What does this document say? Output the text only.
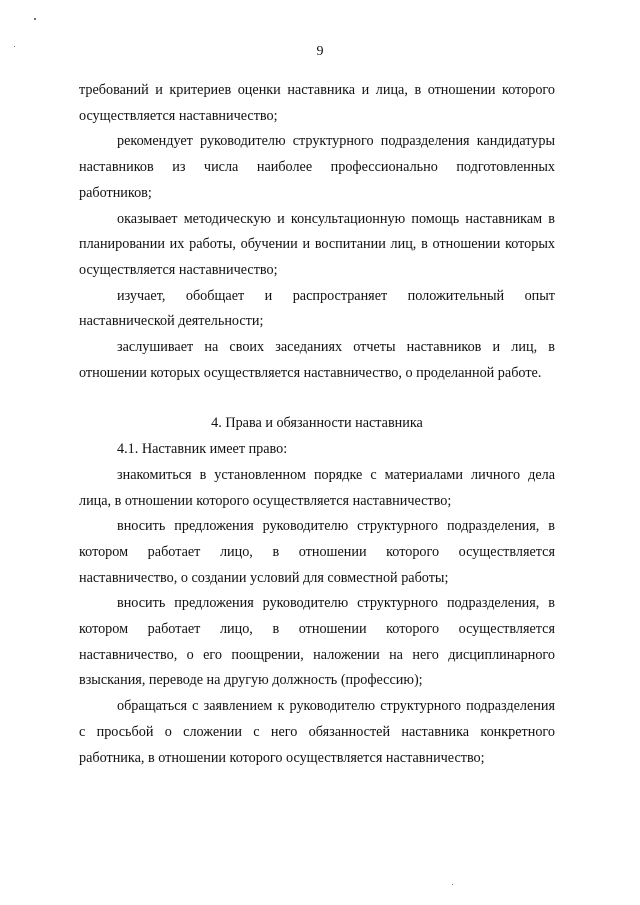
9

требований и критериев оценки наставника и лица, в отношении которого осуществляется наставничество;

рекомендует руководителю структурного подразделения кандидатуры наставников из числа наиболее профессионально подготовленных работников;

оказывает методическую и консультационную помощь наставникам в планировании их работы, обучении и воспитании лиц, в отношении которых осуществляется наставничество;

изучает, обобщает и распространяет положительный опыт наставнической деятельности;

заслушивает на своих заседаниях отчеты наставников и лиц, в отношении которых осуществляется наставничество, о проделанной работе.

4. Права и обязанности наставника

4.1. Наставник имеет право:

знакомиться в установленном порядке с материалами личного дела лица, в отношении которого осуществляется наставничество;

вносить предложения руководителю структурного подразделения, в котором работает лицо, в отношении которого осуществляется наставничество, о создании условий для совместной работы;

вносить предложения руководителю структурного подразделения, в котором работает лицо, в отношении которого осуществляется наставничество, о его поощрении, наложении на него дисциплинарного взыскания, переводе на другую должность (профессию);

обращаться с заявлением к руководителю структурного подразделения с просьбой о сложении с него обязанностей наставника конкретного работника, в отношении которого осуществляется наставничество;
